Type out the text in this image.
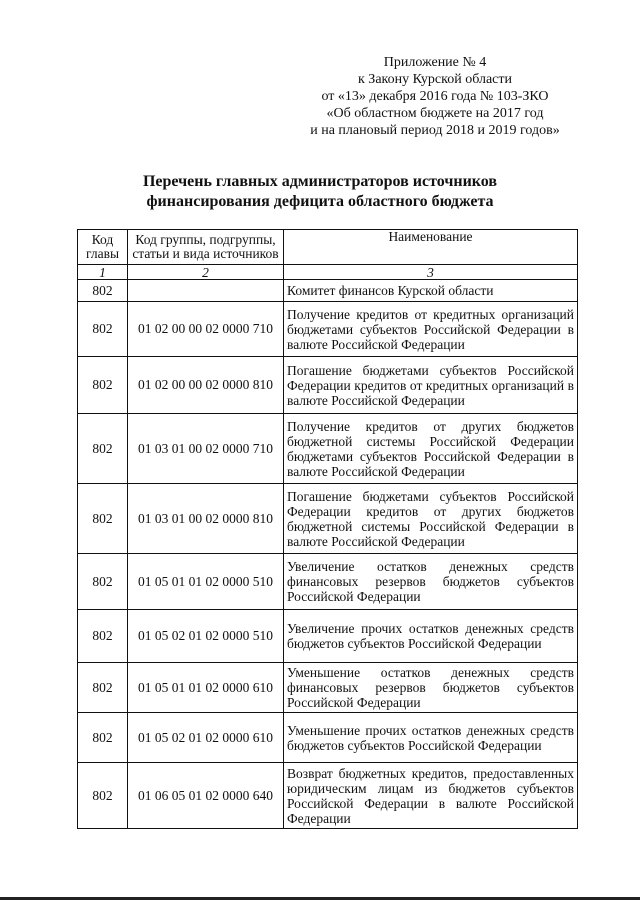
Приложение № 4
к Закону Курской области
от «13» декабря 2016 года № 103-ЗКО
«Об областном бюджете на 2017 год
и на плановый период 2018 и 2019 годов»
Перечень главных администраторов источников
финансирования дефицита областного бюджета
Код главы	Код группы, подгруппы, статьи и вида источников	Наименование
1	2	3
802		Комитет финансов Курской области
802	01 02 00 00 02 0000 710	Получение кредитов от кредитных организаций бюджетами субъектов Российской Федерации в валюте Российской Федерации
802	01 02 00 00 02 0000 810	Погашение бюджетами субъектов Российской Федерации кредитов от кредитных организаций в валюте Российской Федерации
802	01 03 01 00 02 0000 710	Получение кредитов от других бюджетов бюджетной системы Российской Федерации бюджетами субъектов Российской Федерации в валюте Российской Федерации
802	01 03 01 00 02 0000 810	Погашение бюджетами субъектов Российской Федерации кредитов от других бюджетов бюджетной системы Российской Федерации в валюте Российской Федерации
802	01 05 01 01 02 0000 510	Увеличение остатков денежных средств финансовых резервов бюджетов субъектов Российской Федерации
802	01 05 02 01 02 0000 510	Увеличение прочих остатков денежных средств бюджетов субъектов Российской Федерации
802	01 05 01 01 02 0000 610	Уменьшение остатков денежных средств финансовых резервов бюджетов субъектов Российской Федерации
802	01 05 02 01 02 0000 610	Уменьшение прочих остатков денежных средств бюджетов субъектов Российской Федерации
802	01 06 05 01 02 0000 640	Возврат бюджетных кредитов, предоставленных юридическим лицам из бюджетов субъектов Российской Федерации в валюте Российской Федерации
